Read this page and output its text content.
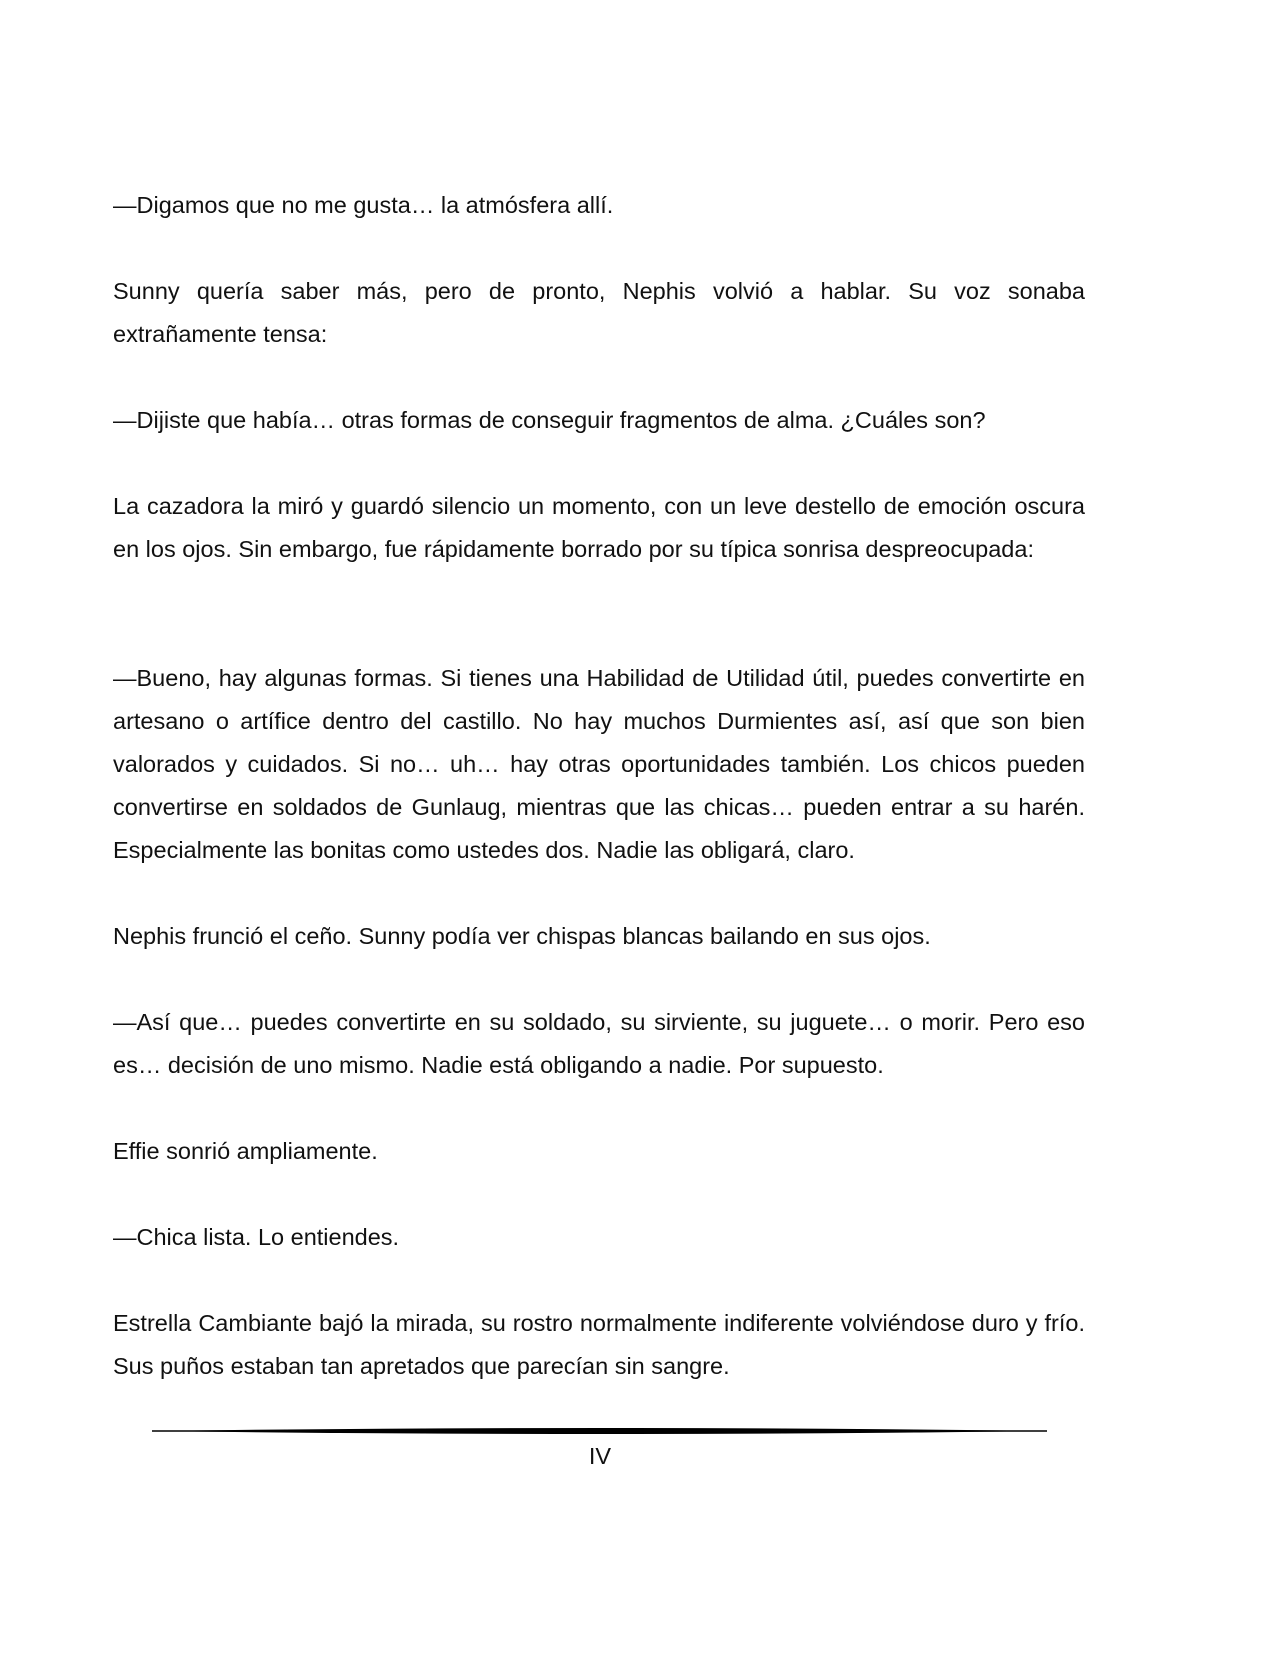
—Digamos que no me gusta… la atmósfera allí.

Sunny quería saber más, pero de pronto, Nephis volvió a hablar. Su voz sonaba extrañamente tensa:

—Dijiste que había… otras formas de conseguir fragmentos de alma. ¿Cuáles son?

La cazadora la miró y guardó silencio un momento, con un leve destello de emoción oscura en los ojos. Sin embargo, fue rápidamente borrado por su típica sonrisa despreocupada:

—Bueno, hay algunas formas. Si tienes una Habilidad de Utilidad útil, puedes convertirte en artesano o artífice dentro del castillo. No hay muchos Durmientes así, así que son bien valorados y cuidados. Si no… uh… hay otras oportunidades también. Los chicos pueden convertirse en soldados de Gunlaug, mientras que las chicas… pueden entrar a su harén. Especialmente las bonitas como ustedes dos. Nadie las obligará, claro.

Nephis frunció el ceño. Sunny podía ver chispas blancas bailando en sus ojos.

—Así que… puedes convertirte en su soldado, su sirviente, su juguete… o morir. Pero eso es… decisión de uno mismo. Nadie está obligando a nadie. Por supuesto.

Effie sonrió ampliamente.

—Chica lista. Lo entiendes.

Estrella Cambiante bajó la mirada, su rostro normalmente indiferente volviéndose duro y frío. Sus puños estaban tan apretados que parecían sin sangre.

IV
